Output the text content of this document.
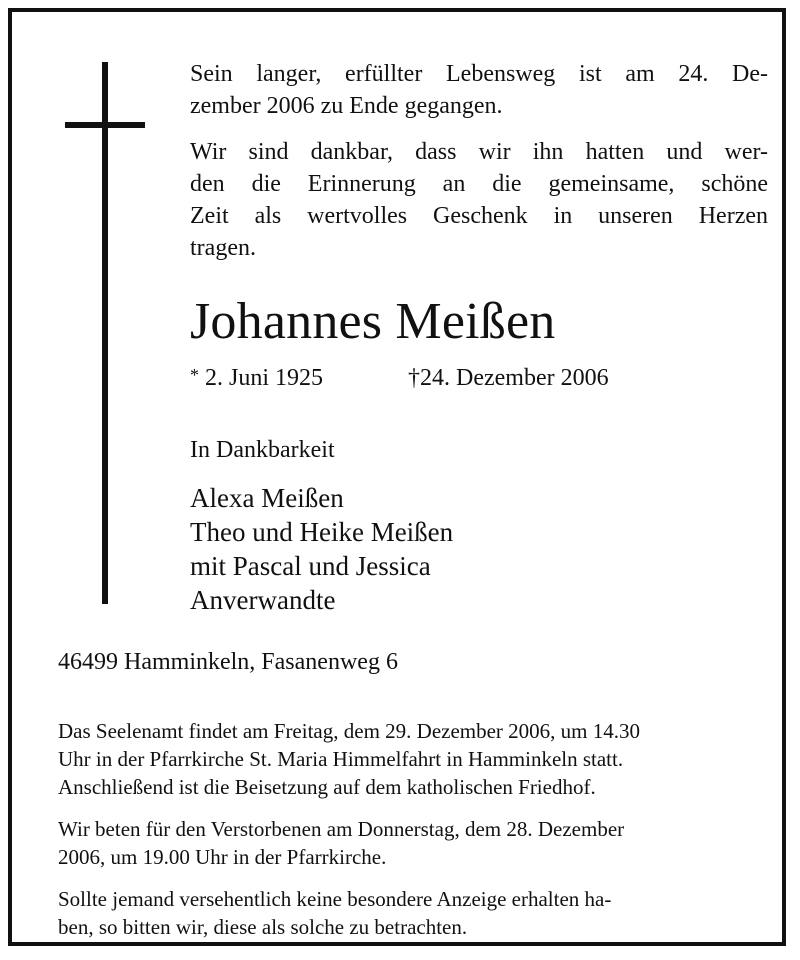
Sein langer, erfüllter Lebensweg ist am 24. De-
zember 2006 zu Ende gegangen.

Wir sind dankbar, dass wir ihn hatten und wer-
den die Erinnerung an die gemeinsame, schöne
Zeit als wertvolles Geschenk in unseren Herzen
tragen.

Johannes Meißen
* 2. Juni 1925	†24. Dezember 2006
In Dankbarkeit
Alexa Meißen
Theo und Heike Meißen
mit Pascal und Jessica
Anverwandte
46499 Hamminkeln, Fasanenweg 6

Das Seelenamt findet am Freitag, dem 29. Dezember 2006, um 14.30
Uhr in der Pfarrkirche St. Maria Himmelfahrt in Hamminkeln statt.
Anschließend ist die Beisetzung auf dem katholischen Friedhof.

Wir beten für den Verstorbenen am Donnerstag, dem 28. Dezember
2006, um 19.00 Uhr in der Pfarrkirche.

Sollte jemand versehentlich keine besondere Anzeige erhalten ha-
ben, so bitten wir, diese als solche zu betrachten.
